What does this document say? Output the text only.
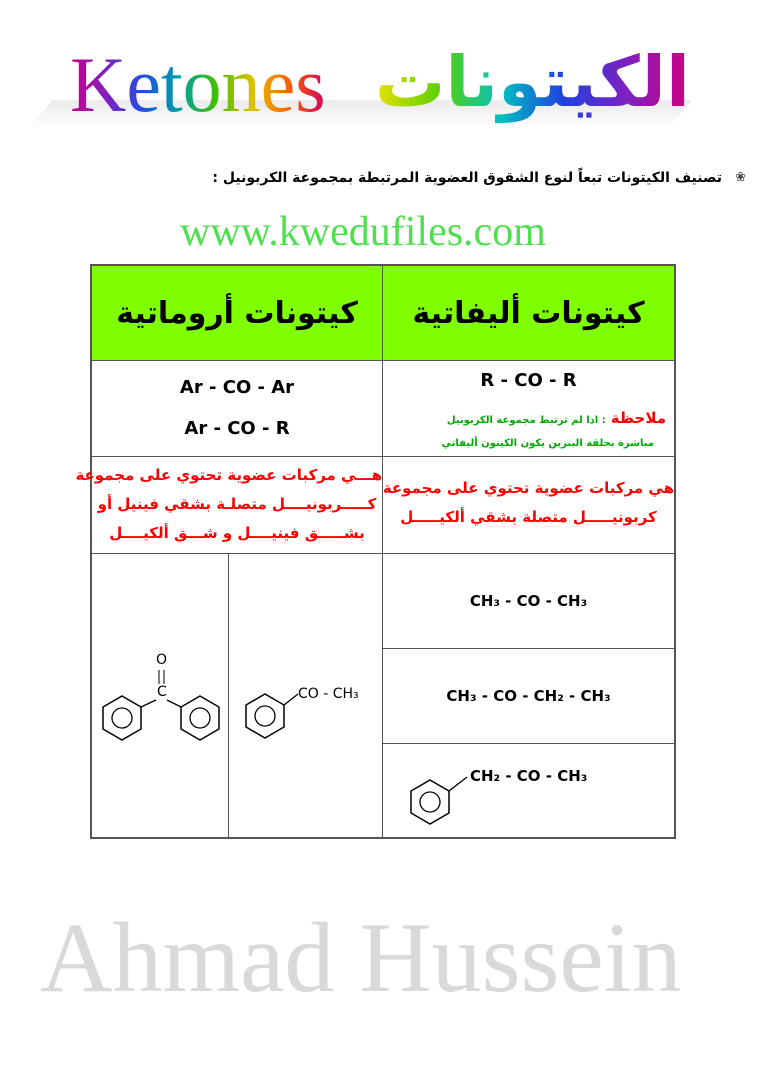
Ketones الكيتونات
❀
تصنيف الكيتونات تبعاً لنوع الشقوق العضوية المرتبطة بمجموعة الكربونيل :
www.kwedufiles.com
كيتونات أليفاتية
كيتونات أروماتية
R - CO - R
ملاحظة : اذا لم ترتبط مجموعة الكربونيل
مباشرة بحلقة البنزين يكون الكيتون أليفاتي
Ar - CO - Ar
Ar - CO - R
هي مركبات عضوية تحتوي على مجموعة
كربونيـــــل متصلة بشقي ألكيـــــل
هـــي مركبات عضوية تحتوي على مجموعة
كـــــربونيــــل متصلـة بشقي فينيل أو
بشـــــق فينيــــل و شـــق ألكيــــل
CH₃ - CO - CH₃
CH₃ - CO - CH₂ - CH₃
CH₂ - CO - CH₃
CO - CH₃
O
C
Ahmad Hussein
